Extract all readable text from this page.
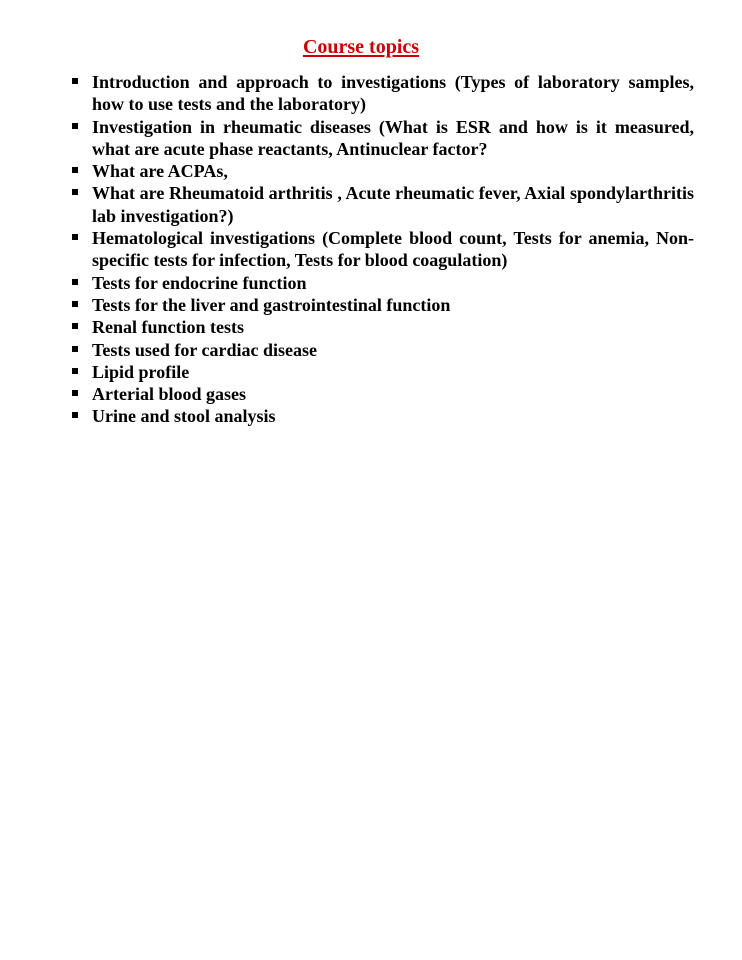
Course topics
Introduction and approach to investigations (Types of laboratory samples, how to use tests and the laboratory)
Investigation in rheumatic diseases (What is ESR and how is it measured, what are acute phase reactants, Antinuclear factor?
What are ACPAs,
What are Rheumatoid arthritis , Acute rheumatic fever, Axial spondylarthritis lab investigation?)
Hematological investigations (Complete blood count, Tests for anemia, Non-specific tests for infection, Tests for blood coagulation)
Tests for endocrine function
Tests for the liver and gastrointestinal function
Renal function tests
Tests used for cardiac disease
Lipid profile
Arterial blood gases
Urine and stool analysis
